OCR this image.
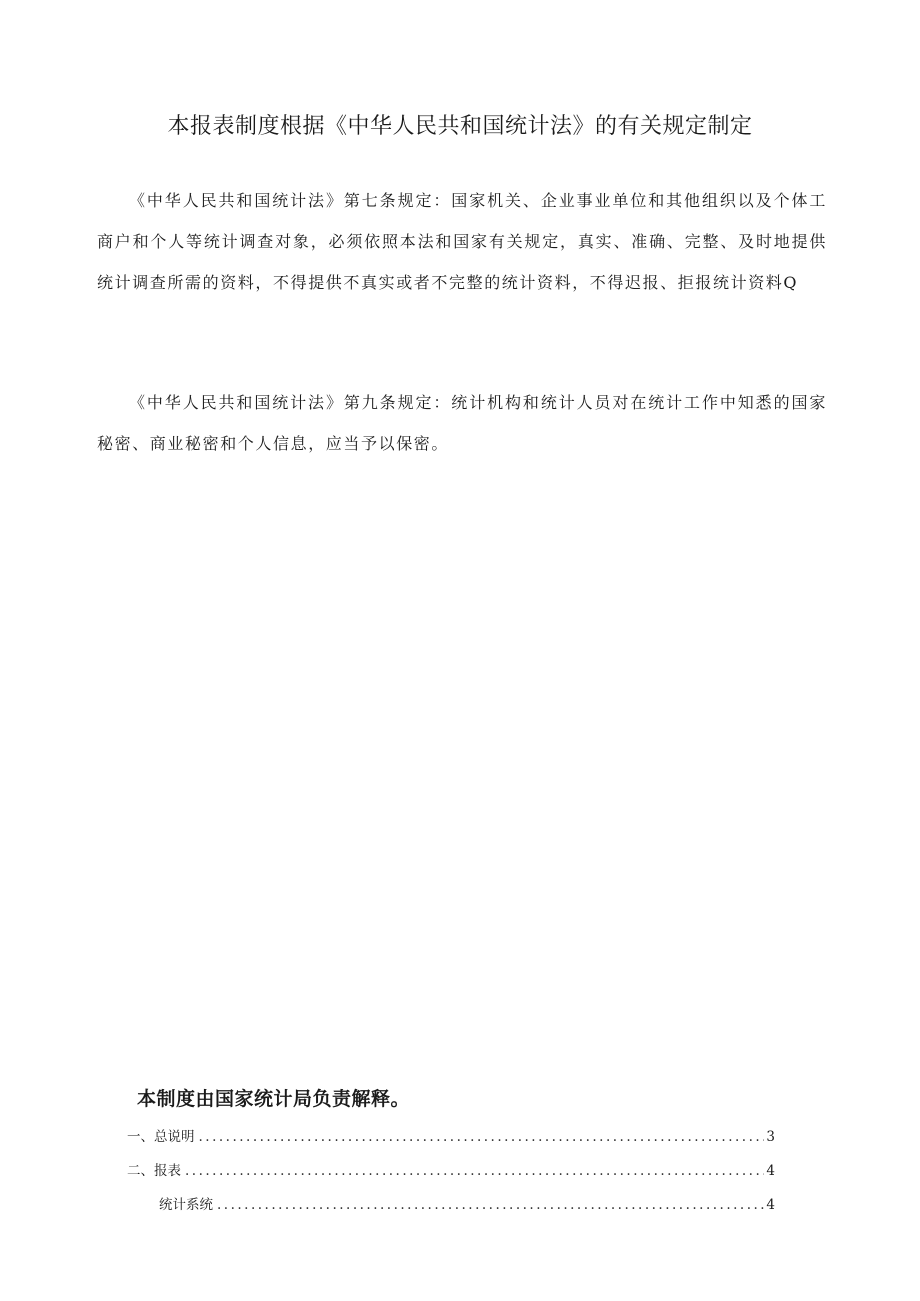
本报表制度根据《中华人民共和国统计法》的有关规定制定

《中华人民共和国统计法》第七条规定：国家机关、企业事业单位和其他组织以及个体工商户和个人等统计调查对象，必须依照本法和国家有关规定，真实、准确、完整、及时地提供统计调查所需的资料，不得提供不真实或者不完整的统计资料，不得迟报、拒报统计资料Q

《中华人民共和国统计法》第九条规定：统计机构和统计人员对在统计工作中知悉的国家秘密、商业秘密和个人信息，应当予以保密。

本制度由国家统计局负责解释。
一、总说明 .....	3
二、报表 .....	4
统计系统 .....	4
